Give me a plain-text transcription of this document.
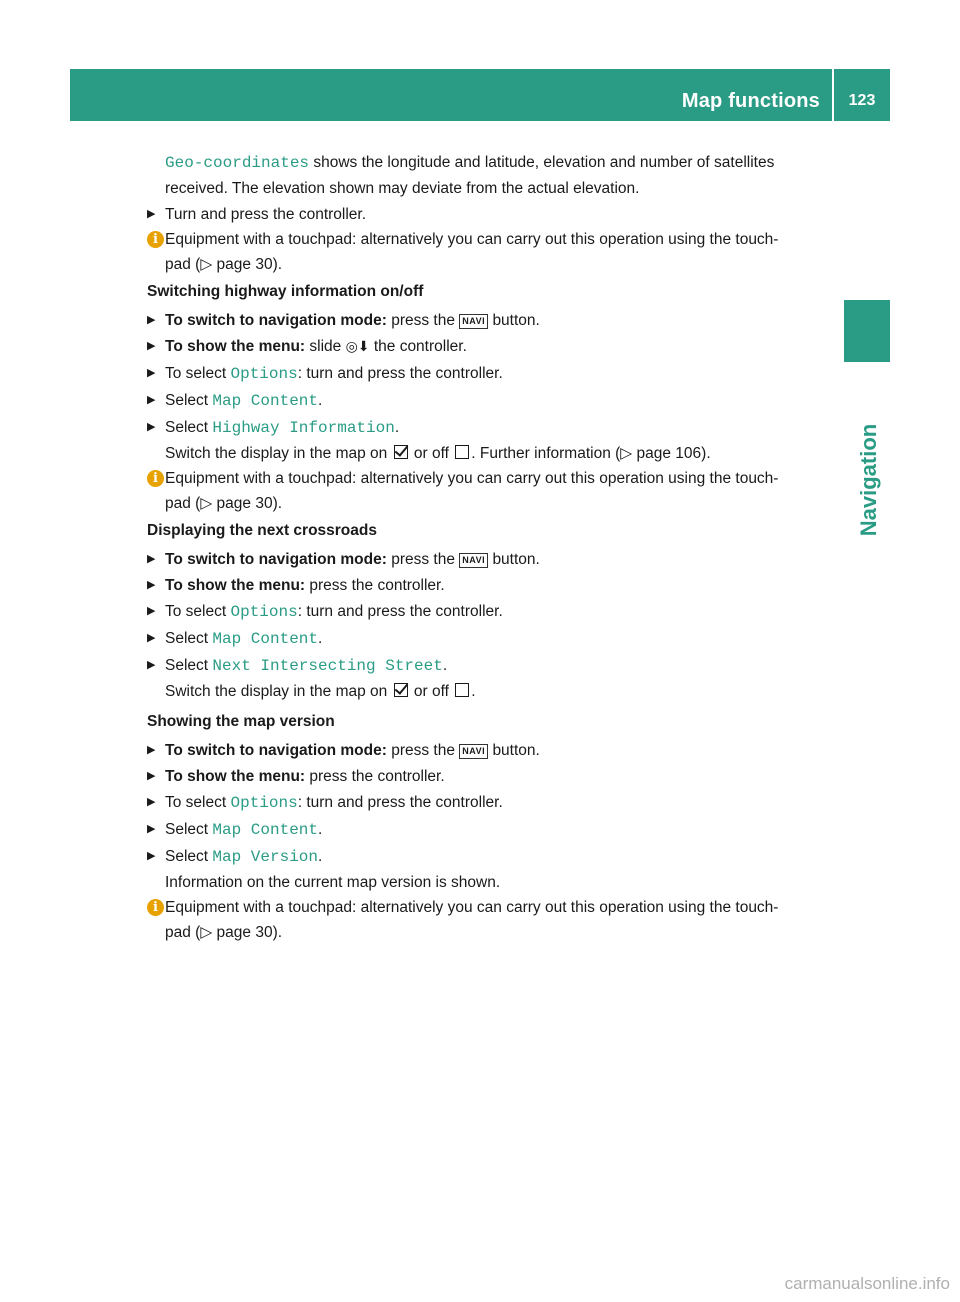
Map functions	123
Navigation
Geo-coordinates shows the longitude and latitude, elevation and number of satellites
received. The elevation shown may deviate from the actual elevation.
▶ Turn and press the controller.
i Equipment with a touchpad: alternatively you can carry out this operation using the touch-
pad (▷ page 30).
Switching highway information on/off
▶ To switch to navigation mode: press the NAVI button.
▶ To show the menu: slide ◎⬇ the controller.
▶ To select Options: turn and press the controller.
▶ Select Map Content.
▶ Select Highway Information.
Switch the display in the map on  or off . Further information (▷ page 106).
i Equipment with a touchpad: alternatively you can carry out this operation using the touch-
pad (▷ page 30).
Displaying the next crossroads
▶ To switch to navigation mode: press the NAVI button.
▶ To show the menu: press the controller.
▶ To select Options: turn and press the controller.
▶ Select Map Content.
▶ Select Next Intersecting Street.
Switch the display in the map on  or off .
Showing the map version
▶ To switch to navigation mode: press the NAVI button.
▶ To show the menu: press the controller.
▶ To select Options: turn and press the controller.
▶ Select Map Content.
▶ Select Map Version.
Information on the current map version is shown.
i Equipment with a touchpad: alternatively you can carry out this operation using the touch-
pad (▷ page 30).
carmanualsonline.info
